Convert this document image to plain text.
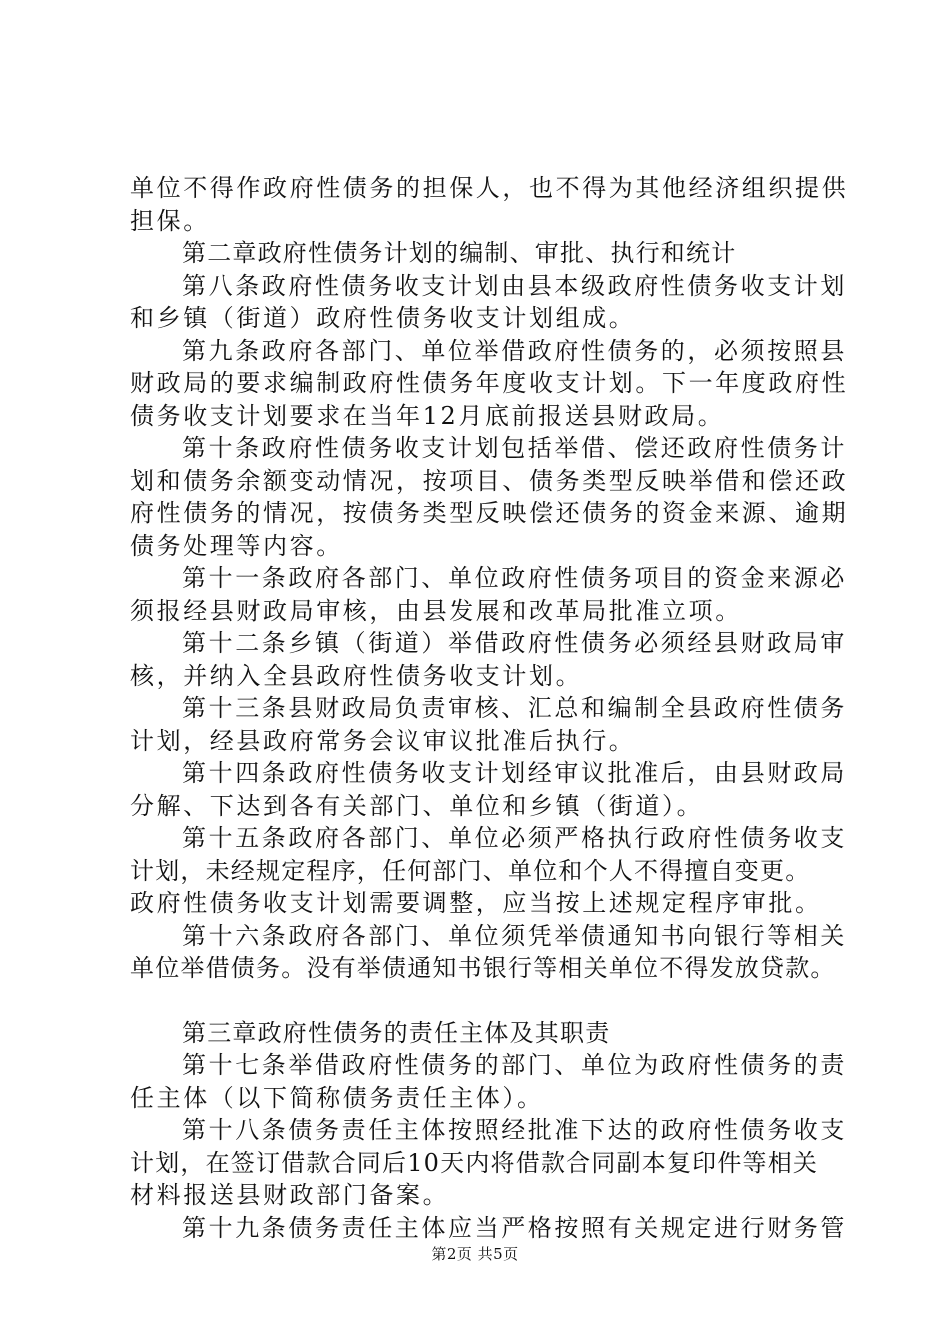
单位不得作政府性债务的担保人，也不得为其他经济组织提供
担保。
第二章政府性债务计划的编制、审批、执行和统计
第八条政府性债务收支计划由县本级政府性债务收支计划
和乡镇（街道）政府性债务收支计划组成。
第九条政府各部门、单位举借政府性债务的，必须按照县
财政局的要求编制政府性债务年度收支计划。下一年度政府性
债务收支计划要求在当年12月底前报送县财政局。
第十条政府性债务收支计划包括举借、偿还政府性债务计
划和债务余额变动情况，按项目、债务类型反映举借和偿还政
府性债务的情况，按债务类型反映偿还债务的资金来源、逾期
债务处理等内容。
第十一条政府各部门、单位政府性债务项目的资金来源必
须报经县财政局审核，由县发展和改革局批准立项。
第十二条乡镇（街道）举借政府性债务必须经县财政局审
核，并纳入全县政府性债务收支计划。
第十三条县财政局负责审核、汇总和编制全县政府性债务
计划，经县政府常务会议审议批准后执行。
第十四条政府性债务收支计划经审议批准后，由县财政局
分解、下达到各有关部门、单位和乡镇（街道）。
第十五条政府各部门、单位必须严格执行政府性债务收支
计划，未经规定程序，任何部门、单位和个人不得擅自变更。
政府性债务收支计划需要调整，应当按上述规定程序审批。
第十六条政府各部门、单位须凭举债通知书向银行等相关
单位举借债务。没有举债通知书银行等相关单位不得发放贷款。
第三章政府性债务的责任主体及其职责
第十七条举借政府性债务的部门、单位为政府性债务的责
任主体（以下简称债务责任主体）。
第十八条债务责任主体按照经批准下达的政府性债务收支
计划，在签订借款合同后10天内将借款合同副本复印件等相关
材料报送县财政部门备案。
第十九条债务责任主体应当严格按照有关规定进行财务管
第2页 共5页
